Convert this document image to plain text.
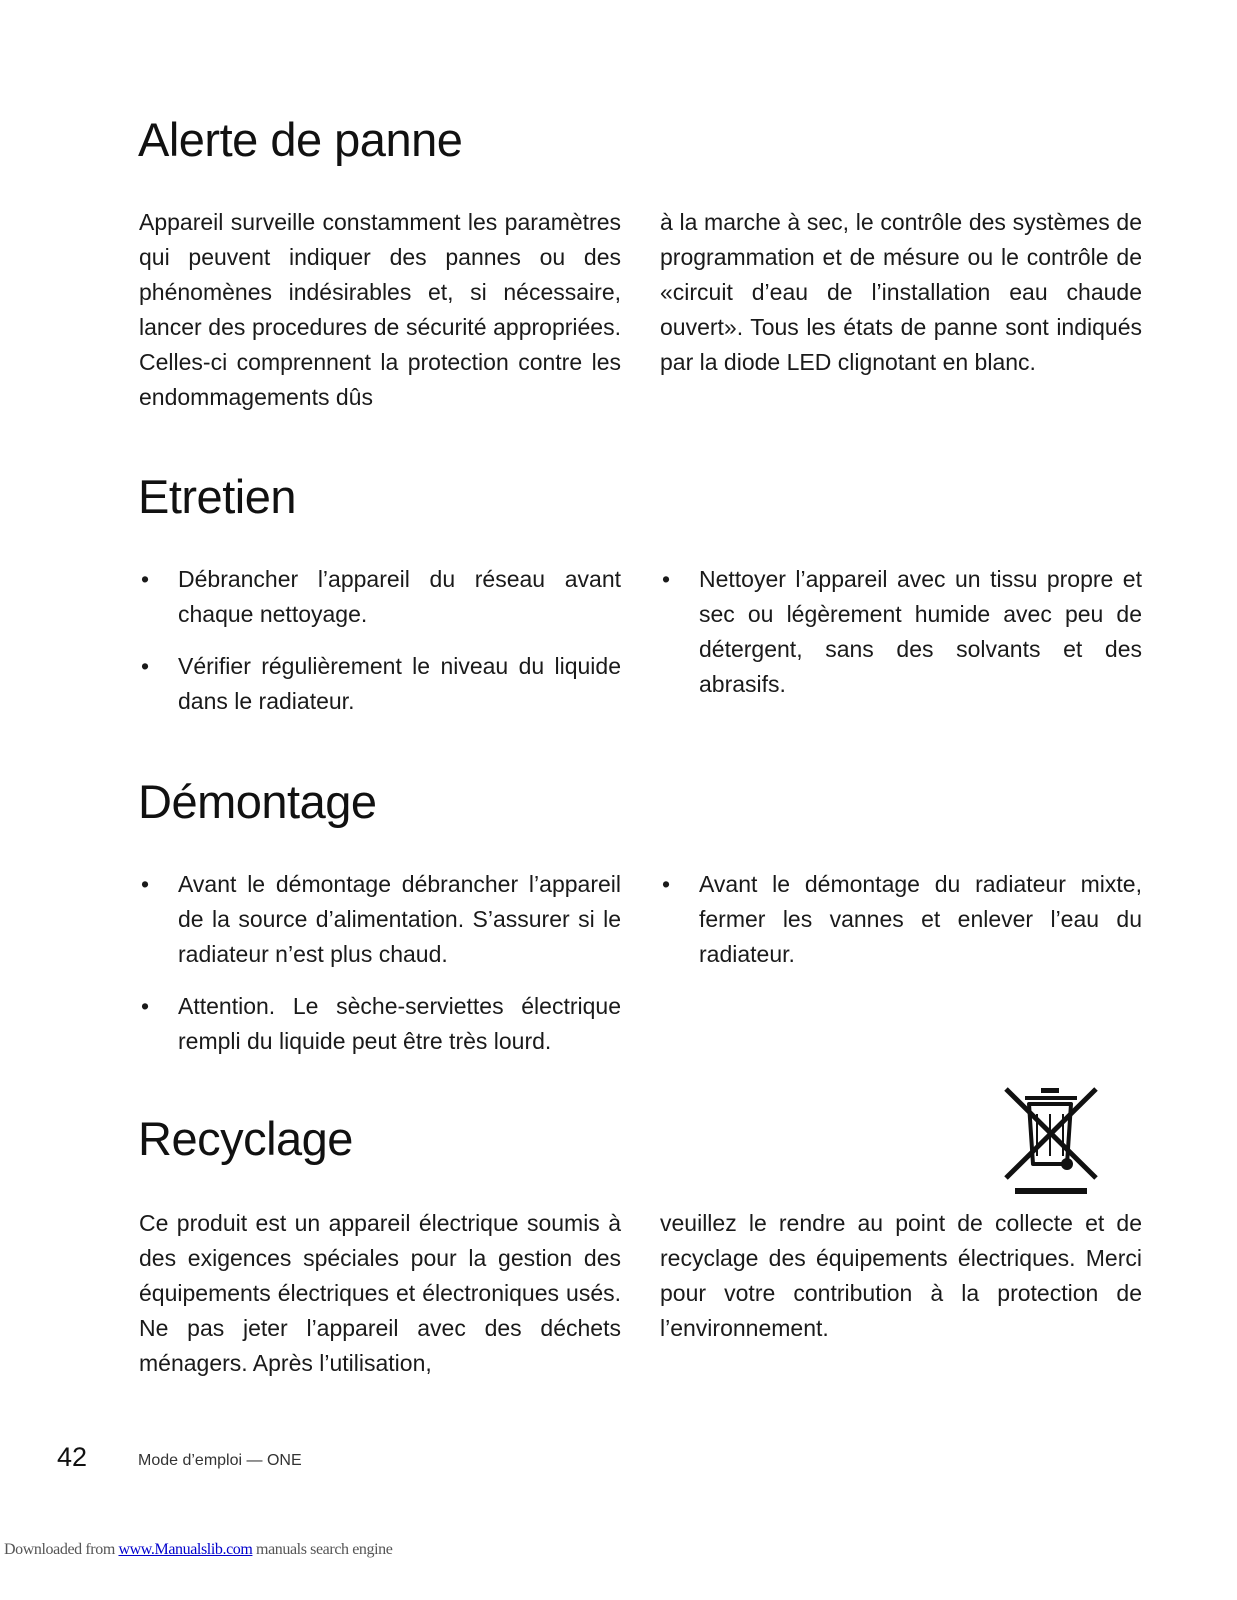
Alerte de panne

Appareil surveille constamment les paramètres qui peuvent indiquer des pannes ou des phénomènes indésirables et, si nécessaire, lancer des procedures de sécurité appropriées. Celles-ci comprennent la protection contre les endommagements dûs

à la marche à sec, le contrôle des systèmes de programmation et de mésure ou le contrôle de «circuit d’eau de l’installation eau chaude ouvert». Tous les états de panne sont indiqués par la diode LED clignotant en blanc.

Etretien
• Débrancher l’appareil du réseau avant chaque nettoyage.
• Vérifier régulièrement le niveau du liquide dans le radiateur.
• Nettoyer l’appareil avec un tissu propre et sec ou légèrement humide avec peu de détergent, sans des solvants et des abrasifs.
Démontage
• Avant le démontage débrancher l’appareil de la source d’alimentation. S’assurer si le radiateur n’est plus chaud.
• Attention. Le sèche-serviettes électrique rempli du liquide peut être très lourd.
• Avant le démontage du radiateur mixte, fermer les vannes et enlever l’eau du radiateur.
Recyclage

Ce produit est un appareil électrique soumis à des exigences spéciales pour la gestion des équipements électriques et électroniques usés. Ne pas jeter l’appareil avec des déchets ménagers. Après l’utilisation,

veuillez le rendre au point de collecte et de recyclage des équipements électriques. Merci pour votre contribution à la protection de l’environnement.

42	Mode d’emploi — ONE
Downloaded from www.Manualslib.com manuals search engine
